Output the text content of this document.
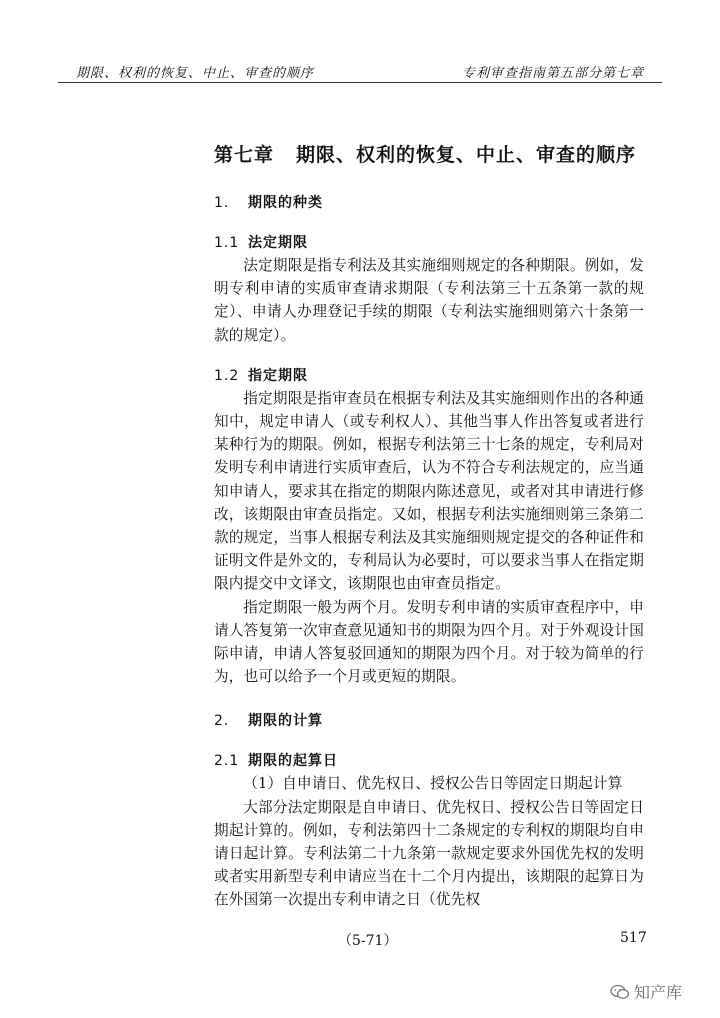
期限、权利的恢复、中止、审查的顺序	专利审查指南第五部分第七章
第七章 期限、权利的恢复、中止、审查的顺序
1. 期限的种类
1.1 法定期限

法定期限是指专利法及其实施细则规定的各种期限。例如，发明专利申请的实质审查请求期限（专利法第三十五条第一款的规定）、申请人办理登记手续的期限（专利法实施细则第六十条第一款的规定）。

1.2 指定期限

指定期限是指审查员在根据专利法及其实施细则作出的各种通知中，规定申请人（或专利权人）、其他当事人作出答复或者进行某种行为的期限。例如，根据专利法第三十七条的规定，专利局对发明专利申请进行实质审查后，认为不符合专利法规定的，应当通知申请人，要求其在指定的期限内陈述意见，或者对其申请进行修改，该期限由审查员指定。又如，根据专利法实施细则第三条第二款的规定，当事人根据专利法及其实施细则规定提交的各种证件和证明文件是外文的，专利局认为必要时，可以要求当事人在指定期限内提交中文译文，该期限也由审查员指定。

指定期限一般为两个月。发明专利申请的实质审查程序中，申请人答复第一次审查意见通知书的期限为四个月。对于外观设计国际申请，申请人答复驳回通知的期限为四个月。对于较为简单的行为，也可以给予一个月或更短的期限。

2. 期限的计算
2.1 期限的起算日

（1）自申请日、优先权日、授权公告日等固定日期起计算

大部分法定期限是自申请日、优先权日、授权公告日等固定日期起计算的。例如，专利法第四十二条规定的专利权的期限均自申请日起计算。专利法第二十九条第一款规定要求外国优先权的发明或者实用新型专利申请应当在十二个月内提出，该期限的起算日为在外国第一次提出专利申请之日（优先权

（5-71）	517
知产库
